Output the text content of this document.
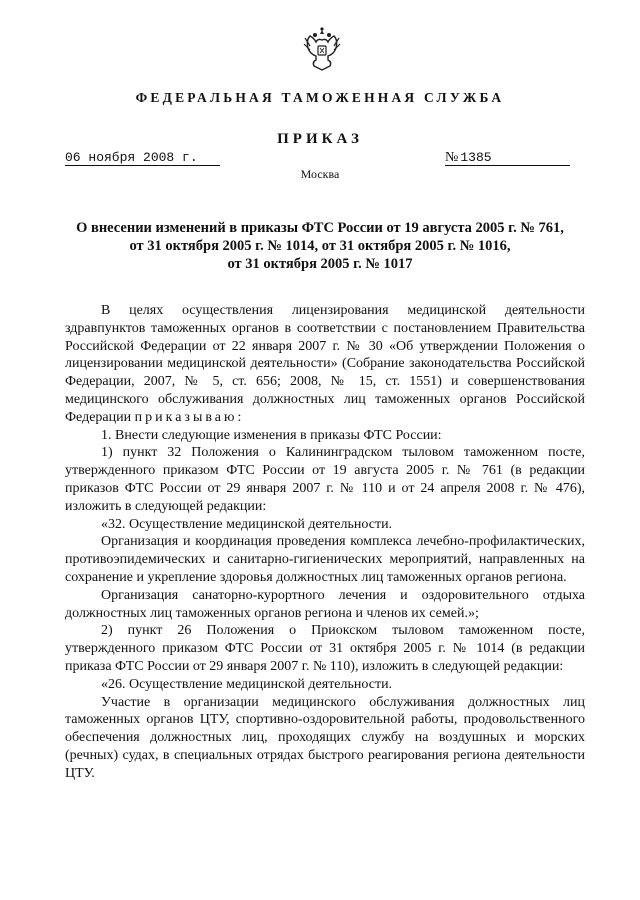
ФЕДЕРАЛЬНАЯ ТАМОЖЕННАЯ СЛУЖБА
ПРИКАЗ
06 ноября 2008 г.	№ 1385
Москва
О внесении изменений в приказы ФТС России от 19 августа 2005 г. № 761,
от 31 октября 2005 г. № 1014, от 31 октября 2005 г. № 1016,
от 31 октября 2005 г. № 1017

В целях осуществления лицензирования медицинской деятельности здравпунктов таможенных органов в соответствии с постановлением Правительства Российской Федерации от 22 января 2007 г. № 30 «Об утверждении Положения о лицензировании медицинской деятельности» (Собрание законодательства Российской Федерации, 2007, № 5, ст. 656; 2008, № 15, ст. 1551) и совершенствования медицинского обслуживания должностных лиц таможенных органов Российской Федерации приказываю:

1. Внести следующие изменения в приказы ФТС России:

1) пункт 32 Положения о Калининградском тыловом таможенном посте, утвержденного приказом ФТС России от 19 августа 2005 г. № 761 (в редакции приказов ФТС России от 29 января 2007 г. № 110 и от 24 апреля 2008 г. № 476), изложить в следующей редакции:

«32. Осуществление медицинской деятельности.

Организация и координация проведения комплекса лечебно-профилактических, противоэпидемических и санитарно-гигиенических мероприятий, направленных на сохранение и укрепление здоровья должностных лиц таможенных органов региона.

Организация санаторно-курортного лечения и оздоровительного отдыха должностных лиц таможенных органов региона и членов их семей.»;

2) пункт 26 Положения о Приокском тыловом таможенном посте, утвержденного приказом ФТС России от 31 октября 2005 г. № 1014 (в редакции приказа ФТС России от 29 января 2007 г. № 110), изложить в следующей редакции:

«26. Осуществление медицинской деятельности.

Участие в организации медицинского обслуживания должностных лиц таможенных органов ЦТУ, спортивно-оздоровительной работы, продовольственного обеспечения должностных лиц, проходящих службу на воздушных и морских (речных) судах, в специальных отрядах быстрого реагирования региона деятельности ЦТУ.
